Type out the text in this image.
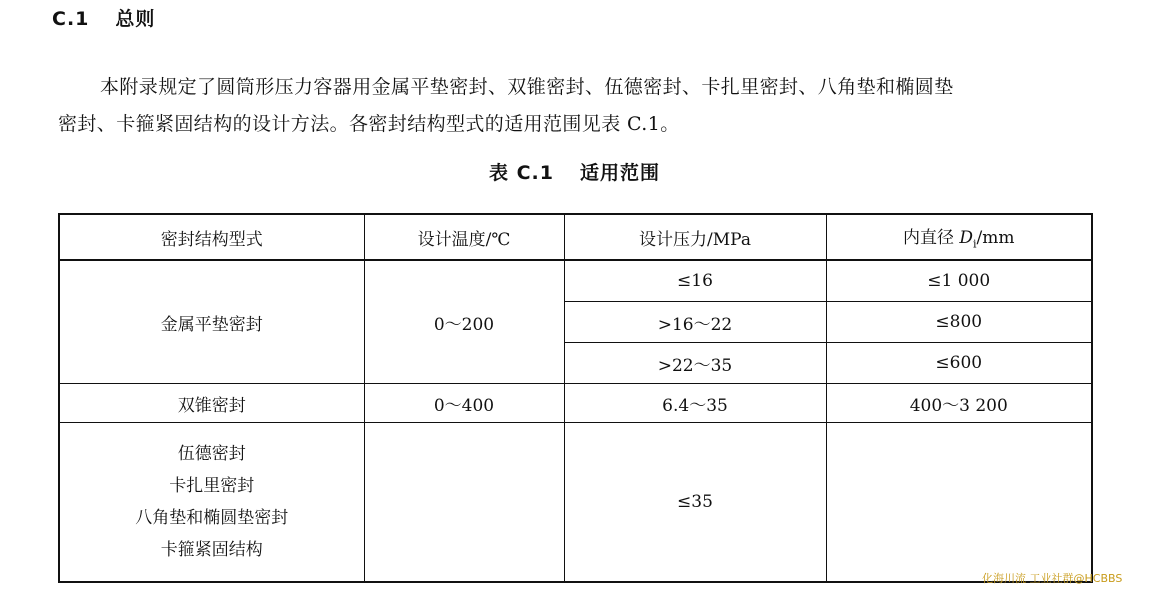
C.1 总则
本附录规定了圆筒形压力容器用金属平垫密封、双锥密封、伍德密封、卡扎里密封、八角垫和椭圆垫
密封、卡箍紧固结构的设计方法。各密封结构型式的适用范围见表 C.1。
表 C.1 适用范围
密封结构型式	设计温度/℃	设计压力/MPa	内直径 $D_i/mm$
金属平垫密封	0～200	≤16	≤1 000
		>16～22	≤800
		>22～35	≤600
双锥密封	0～400	6.4～35	400～3 200

伍德密封
卡扎里密封
八角垫和椭圆垫密封
卡箍紧固结构		≤35	
化海川流 工业社群@HCBBS
